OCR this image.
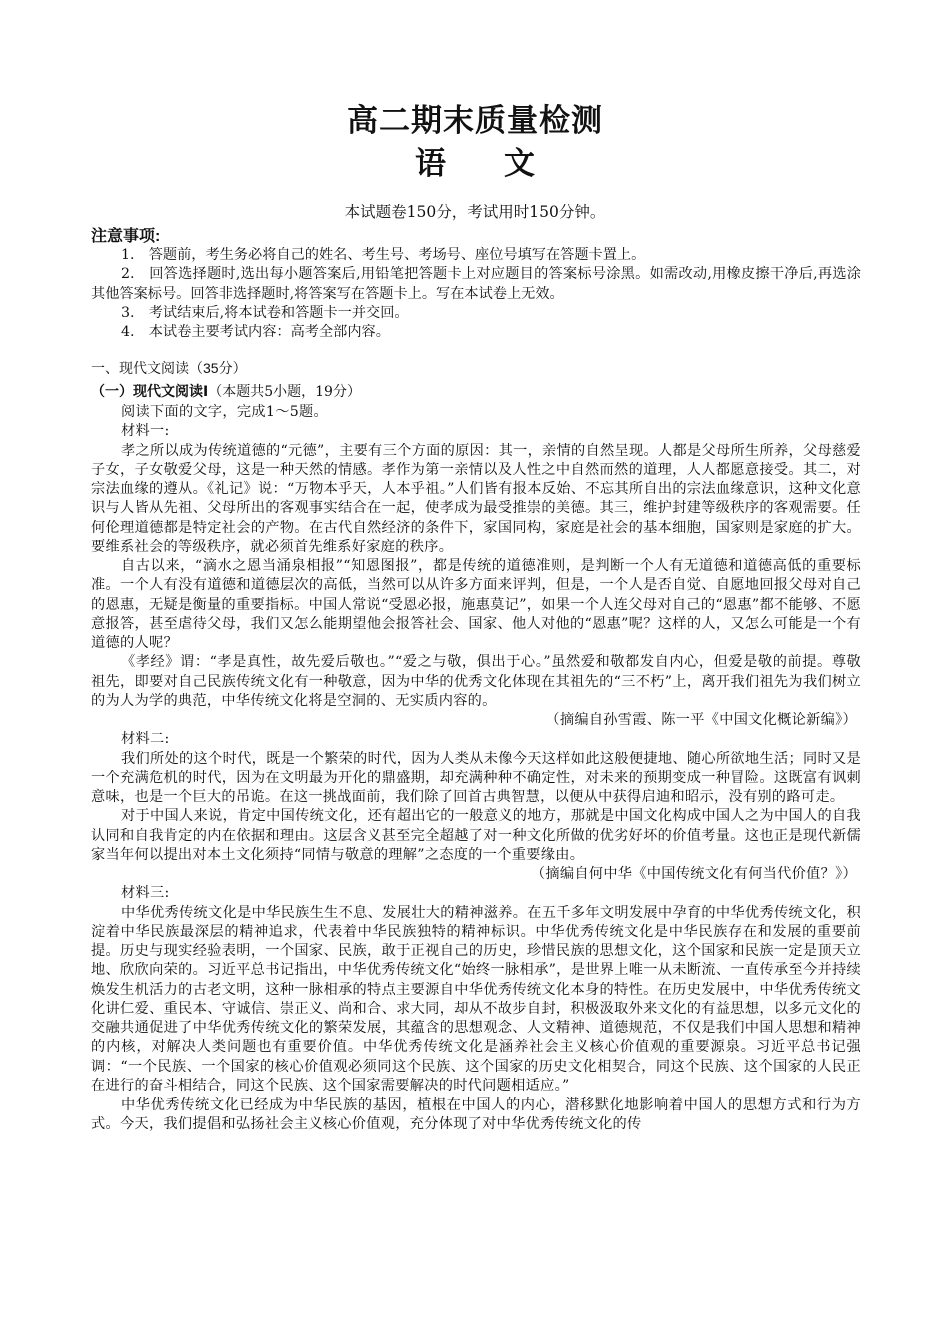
高二期末质量检测
语 文
本试题卷150分，考试用时150分钟。
注意事项:

1.　答题前，考生务必将自己的姓名、考生号、考场号、座位号填写在答题卡置上。

2.　回答选择题时,选出每小题答案后,用铅笔把答题卡上对应题目的答案标号涂黑。如需改动,用橡皮擦干净后,再选涂其他答案标号。回答非选择题时,将答案写在答题卡上。写在本试卷上无效。

3.　考试结束后,将本试卷和答题卡一并交回。

4.　本试卷主要考试内容：高考全部内容。

一、现代文阅读（35分）
（一）现代文阅读Ⅰ（本题共5小题，19分）

阅读下面的文字，完成1～5题。

材料一:

孝之所以成为传统道德的“元德”，主要有三个方面的原因：其一，亲情的自然呈现。人都是父母所生所养，父母慈爱子女，子女敬爱父母，这是一种天然的情感。孝作为第一亲情以及人性之中自然而然的道理，人人都愿意接受。其二，对宗法血缘的遵从。《礼记》说：“万物本乎天，人本乎祖。”人们皆有报本反始、不忘其所自出的宗法血缘意识，这种文化意识与人皆从先祖、父母所出的客观事实结合在一起，使孝成为最受推崇的美德。其三，维护封建等级秩序的客观需要。任何伦理道德都是特定社会的产物。在古代自然经济的条件下，家国同构，家庭是社会的基本细胞，国家则是家庭的扩大。要维系社会的等级秩序，就必须首先维系好家庭的秩序。

自古以来，“滴水之恩当涌泉相报”“知恩图报”，都是传统的道德准则，是判断一个人有无道德和道德高低的重要标准。一个人有没有道德和道德层次的高低，当然可以从许多方面来评判，但是，一个人是否自觉、自愿地回报父母对自己的恩惠，无疑是衡量的重要指标。中国人常说“受恩必报，施惠莫记”，如果一个人连父母对自己的“恩惠”都不能够、不愿意报答，甚至虐待父母，我们又怎么能期望他会报答社会、国家、他人对他的“恩惠”呢？这样的人，又怎么可能是一个有道德的人呢？

《孝经》谓：“孝是真性，故先爱后敬也。”“爱之与敬，俱出于心。”虽然爱和敬都发自内心，但爱是敬的前提。尊敬祖先，即要对自己民族传统文化有一种敬意，因为中华的优秀文化体现在其祖先的“三不朽”上，离开我们祖先为我们树立的为人为学的典范，中华传统文化将是空洞的、无实质内容的。

（摘编自孙雪霞、陈一平《中国文化概论新编》）

材料二:

我们所处的这个时代，既是一个繁荣的时代，因为人类从未像今天这样如此这般便捷地、随心所欲地生活；同时又是一个充满危机的时代，因为在文明最为开化的鼎盛期，却充满种种不确定性，对未来的预期变成一种冒险。这既富有讽刺意味，也是一个巨大的吊诡。在这一挑战面前，我们除了回首古典智慧，以便从中获得启迪和昭示，没有别的路可走。

对于中国人来说，肯定中国传统文化，还有超出它的一般意义的地方，那就是中国文化构成中国人之为中国人的自我认同和自我肯定的内在依据和理由。这层含义甚至完全超越了对一种文化所做的优劣好坏的价值考量。这也正是现代新儒家当年何以提出对本土文化须持“同情与敬意的理解”之态度的一个重要缘由。

（摘编自何中华《中国传统文化有何当代价值？》）

材料三:

中华优秀传统文化是中华民族生生不息、发展壮大的精神滋养。在五千多年文明发展中孕育的中华优秀传统文化，积淀着中华民族最深层的精神追求，代表着中华民族独特的精神标识。中华优秀传统文化是中华民族存在和发展的重要前提。历史与现实经验表明，一个国家、民族，敢于正视自己的历史，珍惜民族的思想文化，这个国家和民族一定是顶天立地、欣欣向荣的。习近平总书记指出，中华优秀传统文化“始终一脉相承”，是世界上唯一从未断流、一直传承至今并持续焕发生机活力的古老文明，这种一脉相承的特点主要源自中华优秀传统文化本身的特性。在历史发展中，中华优秀传统文化讲仁爱、重民本、守诚信、崇正义、尚和合、求大同，却从不故步自封，积极汲取外来文化的有益思想，以多元文化的交融共通促进了中华优秀传统文化的繁荣发展，其蕴含的思想观念、人文精神、道德规范，不仅是我们中国人思想和精神的内核，对解决人类问题也有重要价值。中华优秀传统文化是涵养社会主义核心价值观的重要源泉。习近平总书记强调：“一个民族、一个国家的核心价值观必须同这个民族、这个国家的历史文化相契合，同这个民族、这个国家的人民正在进行的奋斗相结合，同这个民族、这个国家需要解决的时代问题相适应。”

中华优秀传统文化已经成为中华民族的基因，植根在中国人的内心，潜移默化地影响着中国人的思想方式和行为方式。今天，我们提倡和弘扬社会主义核心价值观，充分体现了对中华优秀传统文化的传
